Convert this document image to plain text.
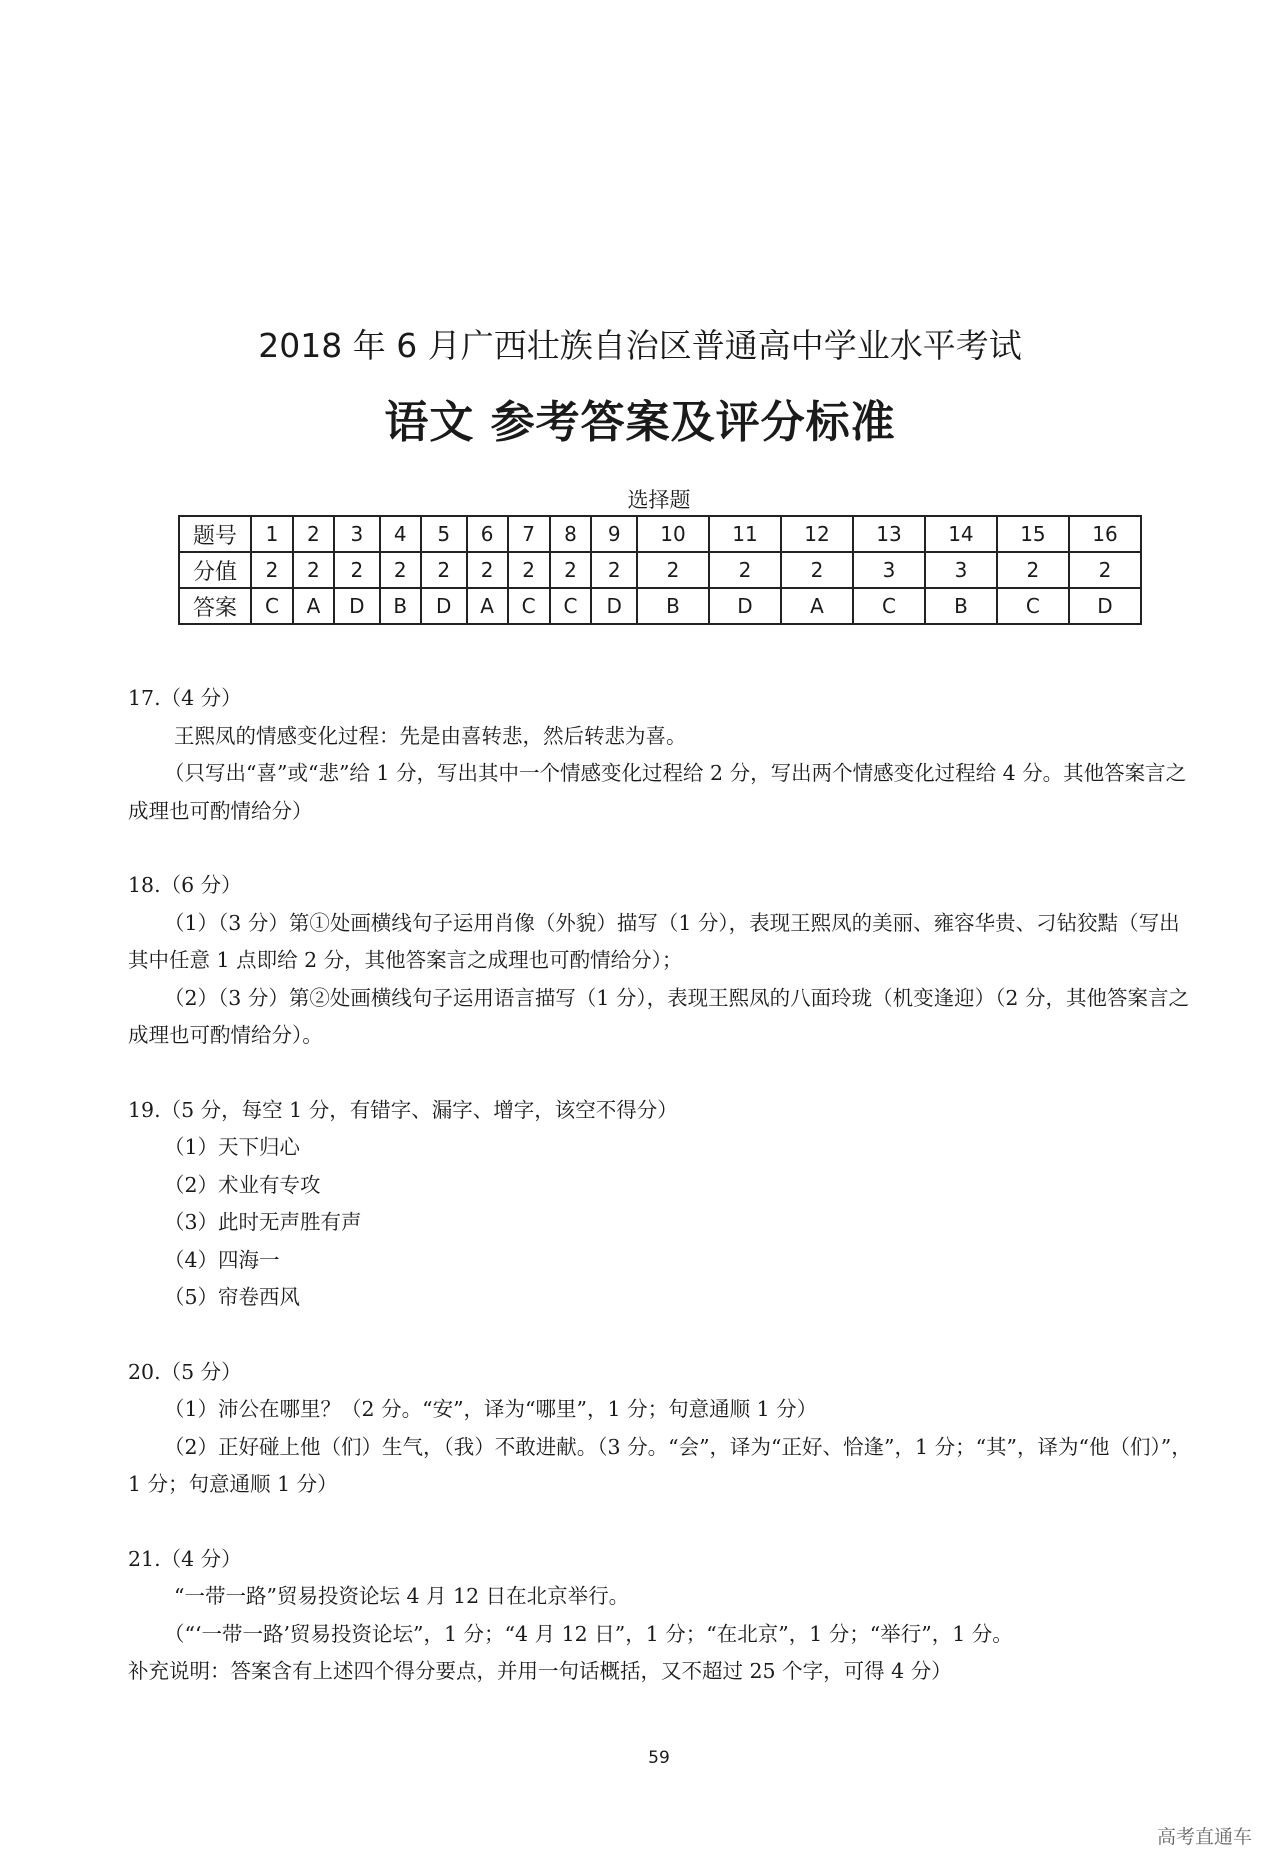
2018 年 6 月广西壮族自治区普通高中学业水平考试
语文 参考答案及评分标准
选择题
题号	1	2	3	4	5	6	7	8	9	10	11	12	13	14	15	16
分值	2	2	2	2	2	2	2	2	2	2	2	2	3	3	2	2
答案	C	A	D	B	D	A	C	C	D	B	D	A	C	B	C	D

17.（4 分）

王熙凤的情感变化过程：先是由喜转悲，然后转悲为喜。

（只写出“喜”或“悲”给 1 分，写出其中一个情感变化过程给 2 分，写出两个情感变化过程给 4 分。其他答案言之成理也可酌情给分）

18.（6 分）

（1）（3 分）第①处画横线句子运用肖像（外貌）描写（1 分），表现王熙凤的美丽、雍容华贵、刁钻狡黠（写出其中任意 1 点即给 2 分，其他答案言之成理也可酌情给分）；

（2）（3 分）第②处画横线句子运用语言描写（1 分），表现王熙凤的八面玲珑（机变逢迎）（2 分，其他答案言之成理也可酌情给分）。

19.（5 分，每空 1 分，有错字、漏字、增字，该空不得分）

（1）天下归心

（2）术业有专攻

（3）此时无声胜有声

（4）四海一

（5）帘卷西风

20.（5 分）

（1）沛公在哪里？（2 分。“安”，译为“哪里”，1 分；句意通顺 1 分）

（2）正好碰上他（们）生气，（我）不敢进献。（3 分。“会”，译为“正好、恰逢”，1 分；“其”，译为“他（们）”，1 分；句意通顺 1 分）

21.（4 分）

“一带一路”贸易投资论坛 4 月 12 日在北京举行。

（“‘一带一路’贸易投资论坛”，1 分；“4 月 12 日”，1 分；“在北京”，1 分；“举行”，1 分。

补充说明：答案含有上述四个得分要点，并用一句话概括，又不超过 25 个字，可得 4 分）

59
高考直通车
